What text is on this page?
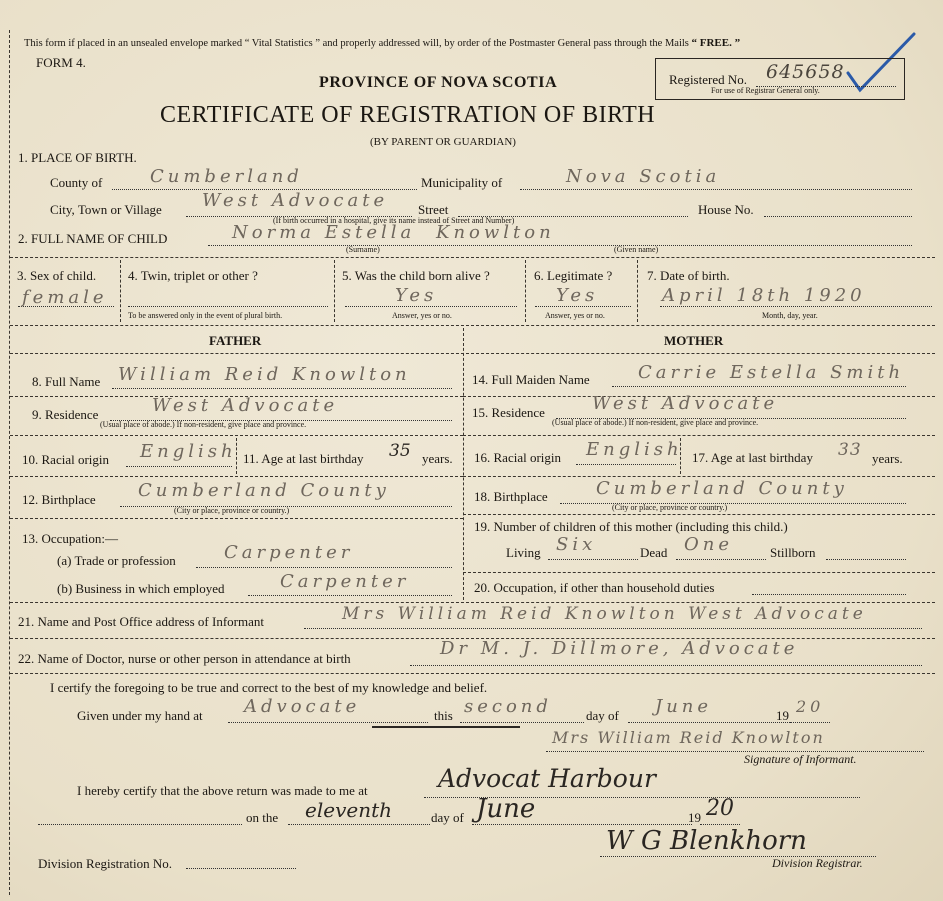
This form if placed in an unsealed envelope marked “ Vital Statistics ” and properly addressed will, by order of the Postmaster General pass through the Mails “ FREE. ”
FORM 4.
Registered No. 645658
For use of Registrar General only.
PROVINCE OF NOVA SCOTIA
CERTIFICATE OF REGISTRATION OF BIRTH
(BY PARENT OR GUARDIAN)
1. PLACE OF BIRTH.
County of	Cumberland	Municipality of	Nova Scotia
City, Town or Village West Advocate Street	House No.
(If birth occurred in a hospital, give its name instead of Street and Number)
2. FULL NAME OF CHILD	Norma Estella Knowlton
(Surname)	(Given name)
3. Sex of child.
female
4. Twin, triplet or other ?
To be answered only in the event of plural birth.
5. Was the child born alive ?
Yes
Answer, yes or no.
6. Legitimate ?
Yes
Answer, yes or no.
7. Date of birth.
April 18th 1920
Month, day, year.
FATHER	MOTHER
8. Full Name William Reid Knowlton
9. Residence	West Advocate
(Usual place of abode.) If non-resident, give place and province.
10. Racial origin English 11. Age at last birthday 35 years.
12. Birthplace Cumberland County
(City or place, province or country.)
13. Occupation:—
(a) Trade or profession	Carpenter
(b) Business in which employed	Carpenter
14. Full Maiden Name	Carrie Estella Smith
15. Residence	West Advocate
(Usual place of abode.) If non-resident, give place and province.
16. Racial origin English 17. Age at last birthday 33 years.
18. Birthplace	Cumberland County
(City or place, province or country.)
19. Number of children of this mother (including this child.)
Living Six	Dead One	Stillborn
20. Occupation, if other than household duties
21. Name and Post Office address of Informant	Mrs William Reid Knowlton West Advocate
22. Name of Doctor, nurse or other person in attendance at birth	Dr M. J. Dillmore, Advocate
I certify the foregoing to be true and correct to the best of my knowledge and belief.
Given under my hand at Advocate	this second	day of June	19 20
Mrs William Reid Knowlton
Signature of Informant.
I hereby certify that the above return was made to me at	Advocat Harbour
on the eleventh	day of June	19 20
Division Registration No.
W G Blenkhorn
Division Registrar.
